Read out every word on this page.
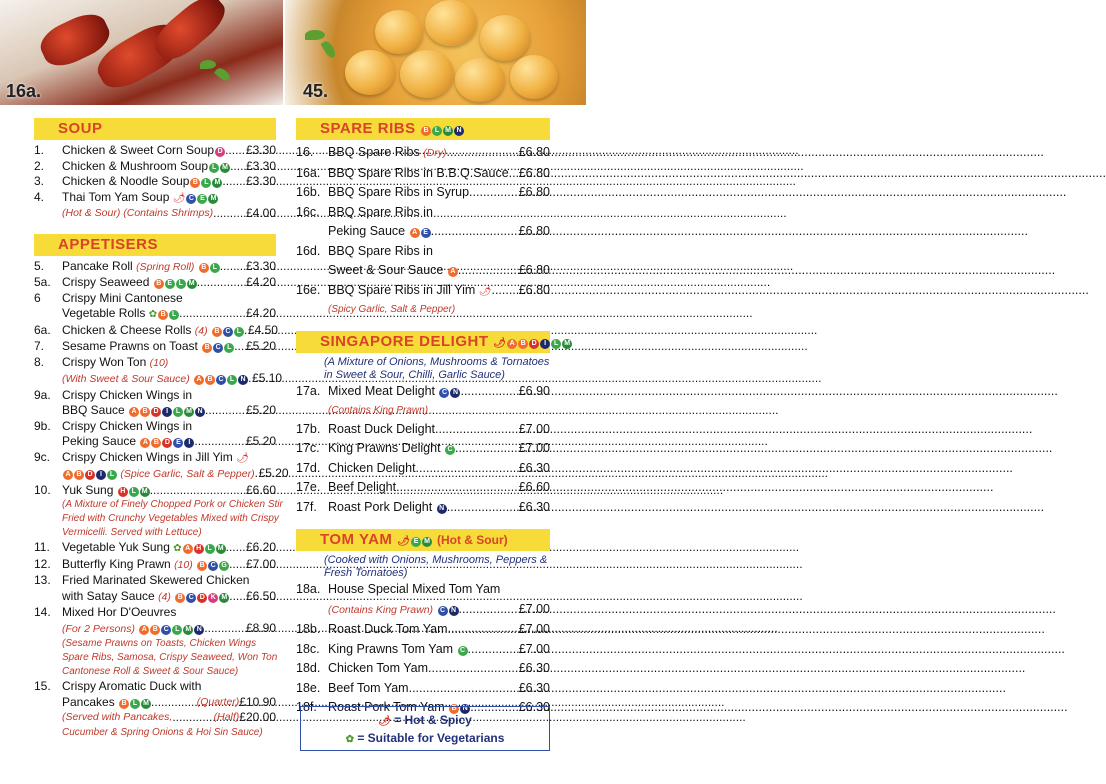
16a.	45.
SOUP
1.	Chicken & Sweet Corn Soup D ..... £3.30
2.	Chicken & Mushroom Soup L M ..... £3.30
3.	Chicken & Noodle Soup B L M ..... £3.30
4.	Thai Tom Yam Soup 🌶 C E M
(Hot & Sour) (Contains Shrimps) .....	£4.00
APPETISERS
5.	Pancake Roll (Spring Roll) B L ..... £3.30
5a. Crispy Seaweed B E L M .....	£4.20
6	Crispy Mini Cantonese
Vegetable Rolls ✿ B L .....	£4.20
6a. Chicken & Cheese Rolls (4) B C L ..... £4.50
7.	Sesame Prawns on Toast B C L ..... £5.20
8.	Crispy Won Ton (10)
(With Sweet & Sour Sauce) A B C L N ..... £5.10
9a. Crispy Chicken Wings in
BBQ Sauce A B D I L M N .....	£5.20
9b. Crispy Chicken Wings in
Peking Sauce A B D E I .....	£5.20
9c. Crispy Chicken Wings in Jill Yim 🌶
A B D I L (Spice Garlic, Salt & Pepper) ..... £5.20
10. Yuk Sung H L M .....	£6.60
(A Mixture of Finely Chopped Pork or Chicken Stir
Fried with Crunchy Vegetables Mixed with Crispy
Vermicelli. Served with Lettuce)
11.	Vegetable Yuk Sung ✿ A H L M ..... £6.20
12. Butterfly King Prawn (10) B C G ..... £7.00
13. Fried Marinated Skewered Chicken
with Satay Sauce (4) B C D K M ..... £6.50
14. Mixed Hor D'Oeuvres
(For 2 Persons) A B C L M N .....	£8.90
(Sesame Prawns on Toasts, Chicken Wings
Spare Ribs, Samosa, Crispy Seaweed, Won Ton
Cantonese Roll & Sweet & Sour Sauce)
15. Crispy Aromatic Duck with
Pancakes B L M .....	(Quarter) £10.90
(Served with Pancakes, .....	(Half) £20.00
Cucumber & Spring Onions & Hoi Sin Sauce)
SPARE RIBS B L M N
16.	BBQ Spare Ribs (Dry) .....	£6.80
16a. BBQ Spare Ribs in B.B.Q.Sauce ..... £6.80
16b. BBQ Spare Ribs in Syrup .....	£6.80
16c. BBQ Spare Ribs in
Peking Sauce A E .....	£6.80
16d. BBQ Spare Ribs in
Sweet & Sour Sauce A .....	£6.80
16e. BBQ Spare Ribs in Jill Yim 🌶 ..... £6.80
(Spicy Garlic, Salt & Pepper)
SINGAPORE DELIGHT 🌶 A B D I L M
(A Mixture of Onions, Mushrooms & Tornatoes
in Sweet & Sour, Chilli, Garlic Sauce)
17a. Mixed Meat Delight C N .....	£6.90
(Contains King Prawn)
17b. Roast Duck Delight .....	£7.00
17c. King Prawns Delight C .....	£7.00
17d. Chicken Delight .....	£6.30
17e. Beef Delight .....	£6.60
17f. Roast Pork Delight N .....	£6.30
TOM YAM 🌶 E M (Hot & Sour)
(Cooked with Onions, Mushrooms, Peppers &
Fresh Tornatoes)
18a. House Special Mixed Tom Yam
(Contains King Prawn) C N .....	£7.00
18b. Roast Duck Tom Yam .....	£7.00
18c. King Prawns Tom Yam C .....	£7.00
18d. Chicken Tom Yam .....	£6.30
18e. Beef Tom Yam .....	£6.30
18f. Roast Pork Tom Yam B N .....	£6.30
🌶 = Hot & Spicy
✿ = Suitable for Vegetarians
